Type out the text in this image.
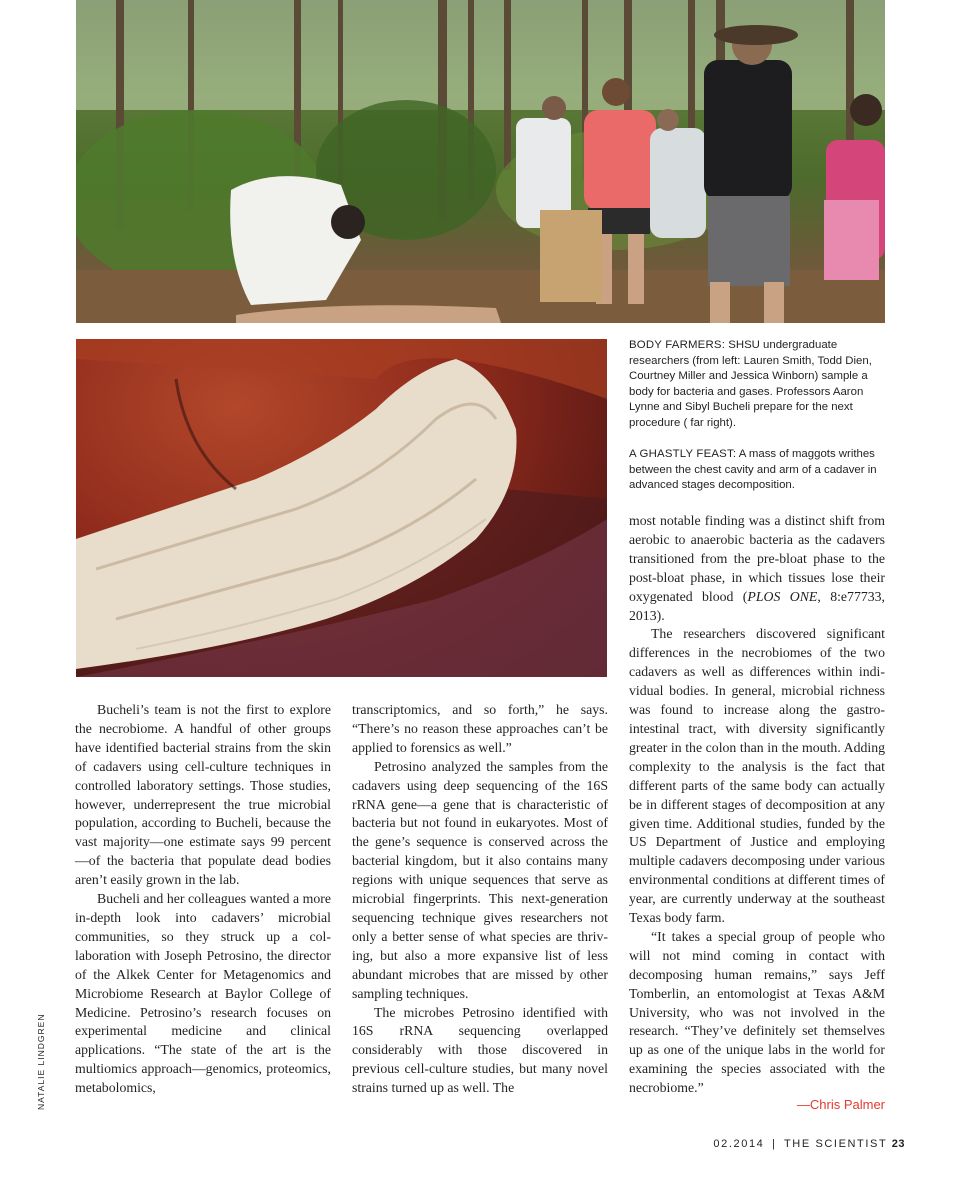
BODY FARMERS: SHSU undergraduate researchers (from left: Lauren Smith, Todd Dien, Courtney Miller and Jessica Winborn) sample a body for bacteria and gases. Professors Aaron Lynne and Sibyl Bucheli prepare for the next procedure ( far right).
A GHASTLY FEAST: A mass of maggots writhes between the chest cavity and arm of a cadaver in advanced stages decomposition.

Bucheli’s team is not the first to explore the necrobiome. A handful of other groups have identified bacterial strains from the skin of cadavers using cell-culture techniques in controlled laboratory settings. Those studies, however, underrepresent the true microbial population, according to Bucheli, because the vast majority—one estimate says 99 percent—of the bacteria that populate dead bodies aren’t easily grown in the lab.

Bucheli and her colleagues wanted a more in-depth look into cadavers’ microbial communities, so they struck up a collaboration with Joseph Petrosino, the director of the Alkek Center for Metagenomics and Microbiome Research at Baylor College of Medicine. Petrosino’s research focuses on experimental medicine and clinical applications. “The state of the art is the multiomics approach—genomics, proteomics, metabolomics,

transcriptomics, and so forth,” he says. “There’s no reason these approaches can’t be applied to forensics as well.”

Petrosino analyzed the samples from the cadavers using deep sequencing of the 16S rRNA gene—a gene that is characteristic of bacteria but not found in eukaryotes. Most of the gene’s sequence is conserved across the bacterial kingdom, but it also contains many regions with unique sequences that serve as microbial fingerprints. This next-generation sequencing technique gives researchers not only a better sense of what species are thriving, but also a more expansive list of less abundant microbes that are missed by other sampling techniques.

The microbes Petrosino identified with 16S rRNA sequencing overlapped considerably with those discovered in previous cell-culture studies, but many novel strains turned up as well. The

most notable finding was a distinct shift from aerobic to anaerobic bacteria as the cadavers transitioned from the pre-bloat phase to the post-bloat phase, in which tissues lose their oxygenated blood (PLOS ONE, 8:e77733, 2013).

The researchers discovered significant differences in the necrobiomes of the two cadavers as well as differences within individual bodies. In general, microbial richness was found to increase along the gastrointestinal tract, with diversity significantly greater in the colon than in the mouth. Adding complexity to the analysis is the fact that different parts of the same body can actually be in different stages of decomposition at any given time. Additional studies, funded by the US Department of Justice and employing multiple cadavers decomposing under various environmental conditions at different times of year, are currently underway at the southeast Texas body farm.

“It takes a special group of people who will not mind coming in contact with decomposing human remains,” says Jeff Tomberlin, an entomologist at Texas A&M University, who was not involved in the research. “They’ve definitely set themselves up as one of the unique labs in the world for examining the species associated with the necrobiome.”

—Chris Palmer
NATALIE LINDGREN
02.2014 | THE SCIENTIST 23
